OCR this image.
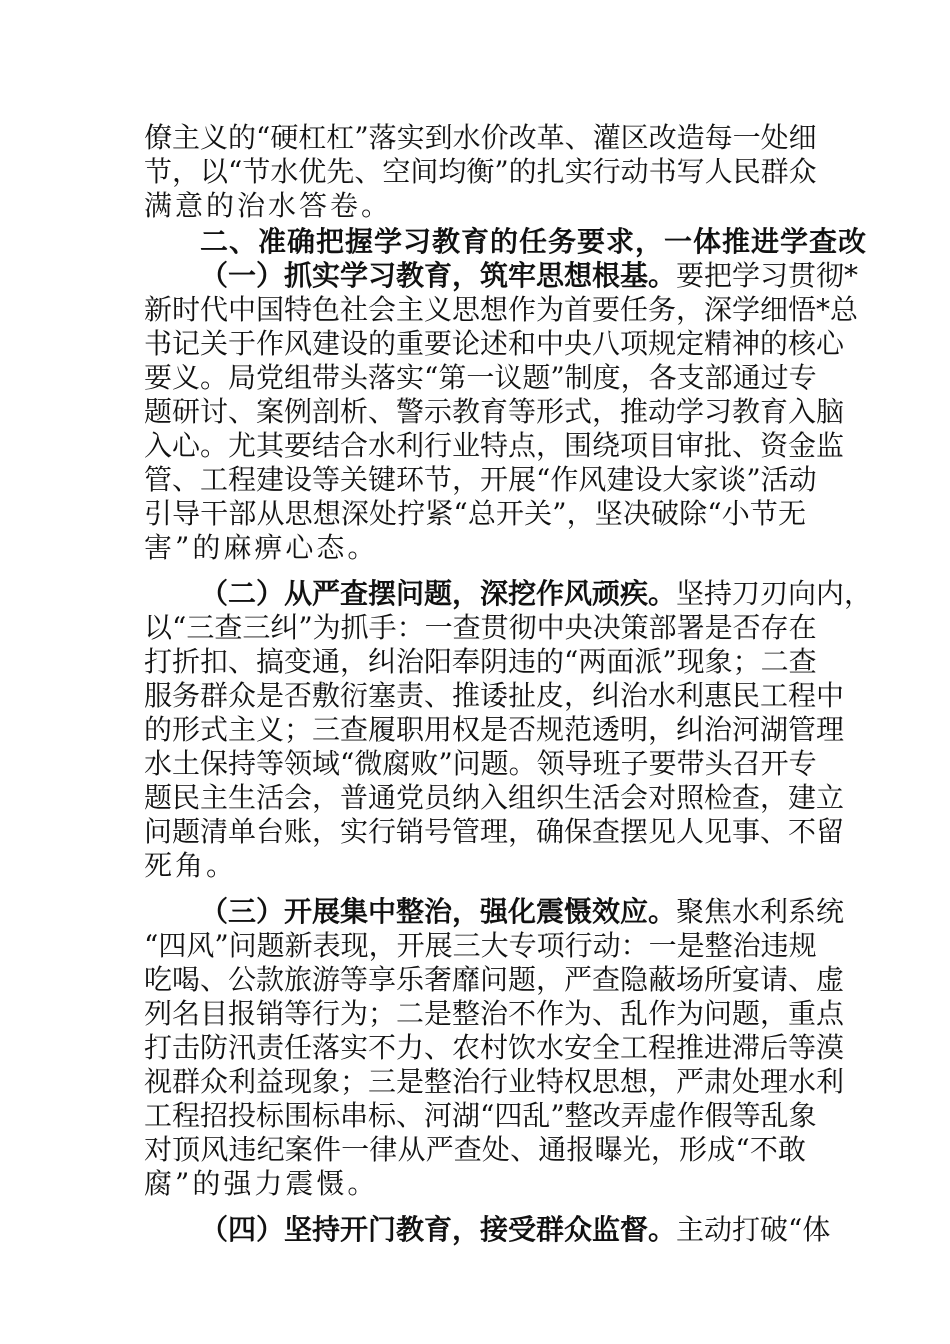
僚主义的“硬杠杠”落实到水价改革、灌区改造每一处细
节，以“节水优先、空间均衡”的扎实行动书写人民群众
满意的治水答卷。
二、准确把握学习教育的任务要求，一体推进学查改
（一）抓实学习教育，筑牢思想根基。要把学习贯彻*
新时代中国特色社会主义思想作为首要任务，深学细悟*总
书记关于作风建设的重要论述和中央八项规定精神的核心
要义。局党组带头落实“第一议题”制度，各支部通过专
题研讨、案例剖析、警示教育等形式，推动学习教育入脑
入心。尤其要结合水利行业特点，围绕项目审批、资金监
管、工程建设等关键环节，开展“作风建设大家谈”活动
引导干部从思想深处拧紧“总开关”，坚决破除“小节无
害”的麻痹心态。
（二）从严查摆问题，深挖作风顽疾。坚持刀刃向内，
以“三查三纠”为抓手：一查贯彻中央决策部署是否存在
打折扣、搞变通，纠治阳奉阴违的“两面派”现象；二查
服务群众是否敷衍塞责、推诿扯皮，纠治水利惠民工程中
的形式主义；三查履职用权是否规范透明，纠治河湖管理
水土保持等领域“微腐败”问题。领导班子要带头召开专
题民主生活会，普通党员纳入组织生活会对照检查，建立
问题清单台账，实行销号管理，确保查摆见人见事、不留
死角。
（三）开展集中整治，强化震慑效应。聚焦水利系统
“四风”问题新表现，开展三大专项行动：一是整治违规
吃喝、公款旅游等享乐奢靡问题，严查隐蔽场所宴请、虚
列名目报销等行为；二是整治不作为、乱作为问题，重点
打击防汛责任落实不力、农村饮水安全工程推进滞后等漠
视群众利益现象；三是整治行业特权思想，严肃处理水利
工程招投标围标串标、河湖“四乱”整改弄虚作假等乱象
对顶风违纪案件一律从严查处、通报曝光，形成“不敢
腐”的强力震慑。
（四）坚持开门教育，接受群众监督。主动打破“体
